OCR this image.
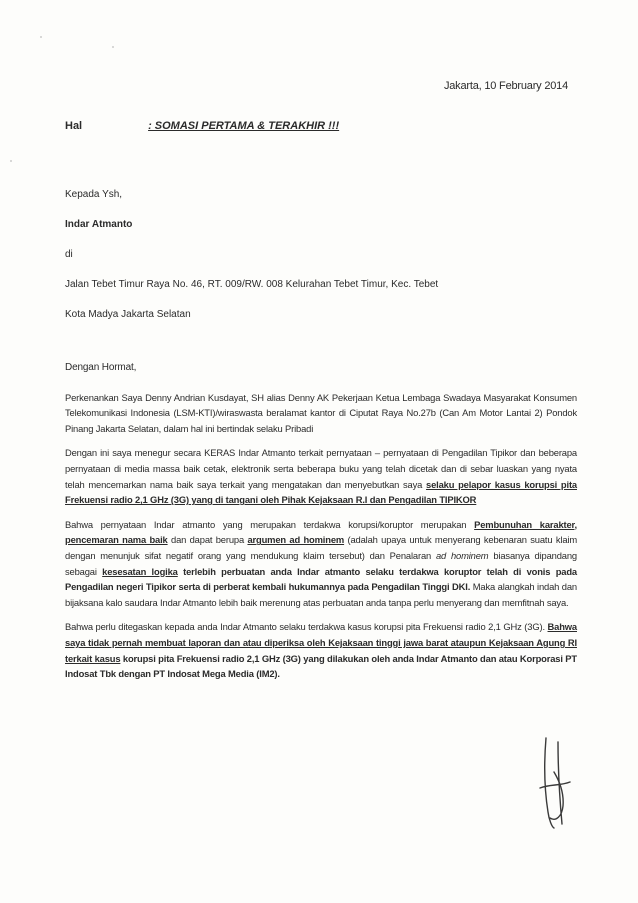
Jakarta, 10 February 2014
Hal	: SOMASI PERTAMA & TERAKHIR !!!
Kepada Ysh,
Indar Atmanto
di
Jalan Tebet Timur Raya No. 46, RT. 009/RW. 008 Kelurahan Tebet Timur, Kec. Tebet
Kota Madya Jakarta Selatan

Dengan Hormat,

Perkenankan Saya Denny Andrian Kusdayat, SH alias Denny AK Pekerjaan Ketua Lembaga Swadaya Masyarakat Konsumen Telekomunikasi Indonesia (LSM-KTI)/wiraswasta beralamat kantor di Ciputat Raya No.27b (Can Am Motor Lantai 2) Pondok Pinang Jakarta Selatan, dalam hal ini bertindak selaku Pribadi

Dengan ini saya menegur secara KERAS Indar Atmanto terkait pernyataan – pernyataan di Pengadilan Tipikor dan beberapa pernyataan di media massa baik cetak, elektronik serta beberapa buku yang telah dicetak dan di sebar luaskan yang nyata telah mencemarkan nama baik saya terkait yang mengatakan dan menyebutkan saya selaku pelapor kasus korupsi pita Frekuensi radio 2,1 GHz (3G) yang di tangani oleh Pihak Kejaksaan R.I dan Pengadilan TIPIKOR

Bahwa pernyataan Indar atmanto yang merupakan terdakwa korupsi/koruptor merupakan Pembunuhan karakter, pencemaran nama baik dan dapat berupa argumen ad hominem (adalah upaya untuk menyerang kebenaran suatu klaim dengan menunjuk sifat negatif orang yang mendukung klaim tersebut) dan Penalaran ad hominem biasanya dipandang sebagai kesesatan logika terlebih perbuatan anda Indar atmanto selaku terdakwa koruptor telah di vonis pada Pengadilan negeri Tipikor serta di perberat kembali hukumannya pada Pengadilan Tinggi DKI. Maka alangkah indah dan bijaksana kalo saudara Indar Atmanto lebih baik merenung atas perbuatan anda tanpa perlu menyerang dan memfitnah saya.

Bahwa perlu ditegaskan kepada anda Indar Atmanto selaku terdakwa kasus korupsi pita Frekuensi radio 2,1 GHz (3G). Bahwa saya tidak pernah membuat laporan dan atau diperiksa oleh Kejaksaan tinggi jawa barat ataupun Kejaksaan Agung RI terkait kasus korupsi pita Frekuensi radio 2,1 GHz (3G) yang dilakukan oleh anda Indar Atmanto dan atau Korporasi PT Indosat Tbk dengan PT Indosat Mega Media (IM2).
